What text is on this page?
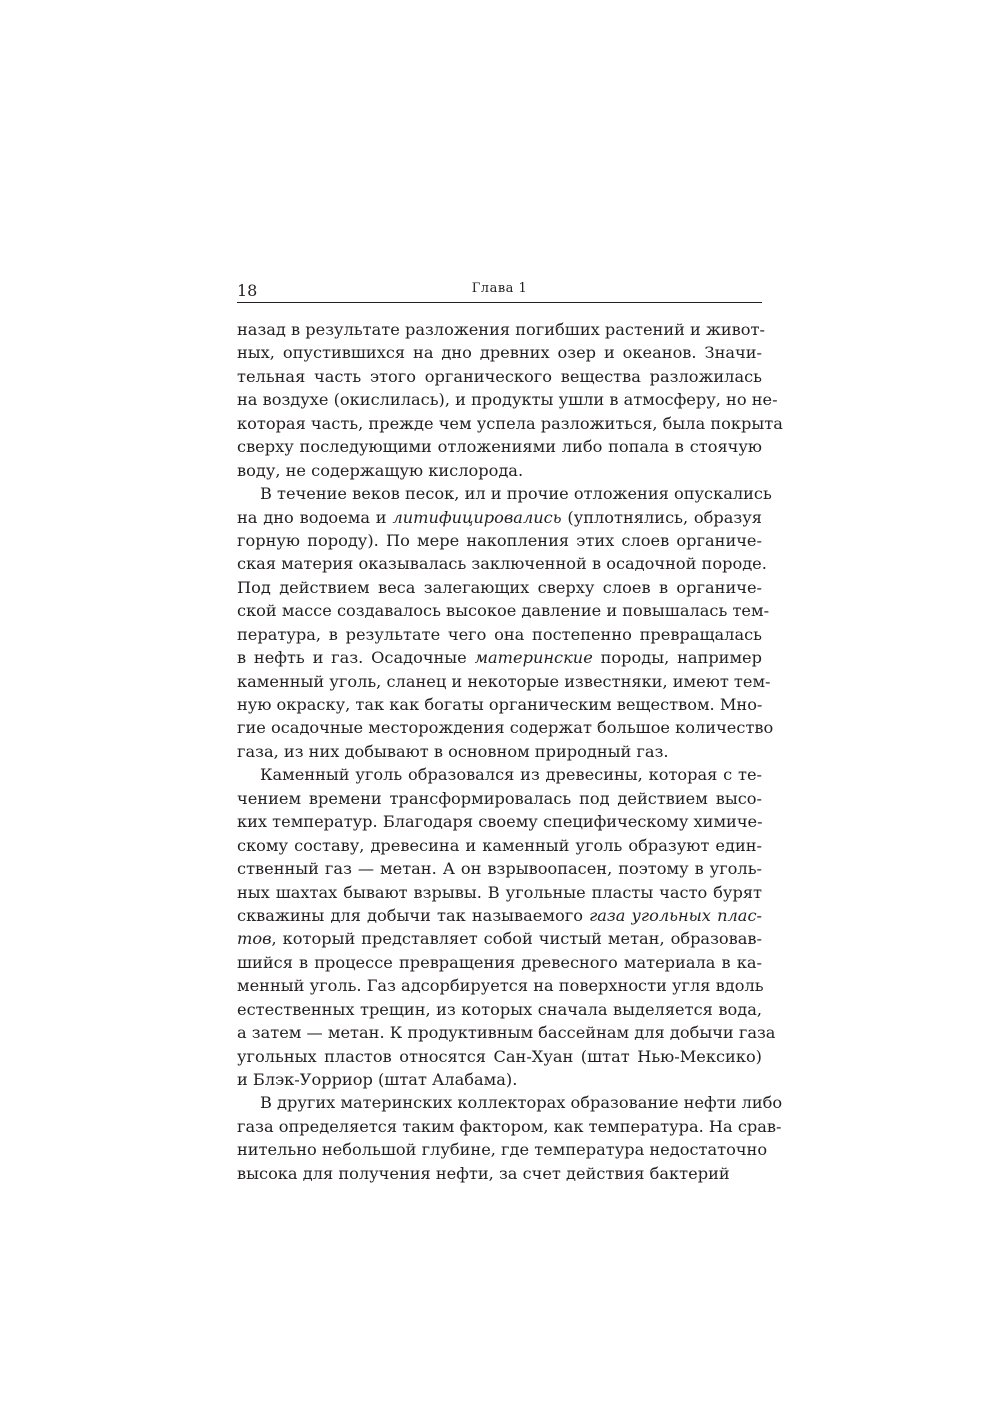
18	Глава 1
назад в результате разложения погибших растений и живот-
ных, опустившихся на дно древних озер и океанов. Значи-
тельная часть этого органического вещества разложилась
на воздухе (окислилась), и продукты ушли в атмосферу, но не-
которая часть, прежде чем успела разложиться, была покрыта
сверху последующими отложениями либо попала в стоячую
воду, не содержащую кислорода.
В течение веков песок, ил и прочие отложения опускались
на дно водоема и литифицировались (уплотнялись, образуя
горную породу). По мере накопления этих слоев органиче-
ская материя оказывалась заключенной в осадочной породе.
Под действием веса залегающих сверху слоев в органиче-
ской массе создавалось высокое давление и повышалась тем-
пература, в результате чего она постепенно превращалась
в нефть и газ. Осадочные материнские породы, например
каменный уголь, сланец и некоторые известняки, имеют тем-
ную окраску, так как богаты органическим веществом. Мно-
гие осадочные месторождения содержат большое количество
газа, из них добывают в основном природный газ.
Каменный уголь образовался из древесины, которая с те-
чением времени трансформировалась под действием высо-
ких температур. Благодаря своему специфическому химиче-
скому составу, древесина и каменный уголь образуют един-
ственный газ — метан. А он взрывоопасен, поэтому в уголь-
ных шахтах бывают взрывы. В угольные пласты часто бурят
скважины для добычи так называемого газа угольных плас-
тов, который представляет собой чистый метан, образовав-
шийся в процессе превращения древесного материала в ка-
менный уголь. Газ адсорбируется на поверхности угля вдоль
естественных трещин, из которых сначала выделяется вода,
а затем — метан. К продуктивным бассейнам для добычи газа
угольных пластов относятся Сан-Хуан (штат Нью-Мексико)
и Блэк-Уорриор (штат Алабама).
В других материнских коллекторах образование нефти либо
газа определяется таким фактором, как температура. На срав-
нительно небольшой глубине, где температура недостаточно
высока для получения нефти, за счет действия бактерий
